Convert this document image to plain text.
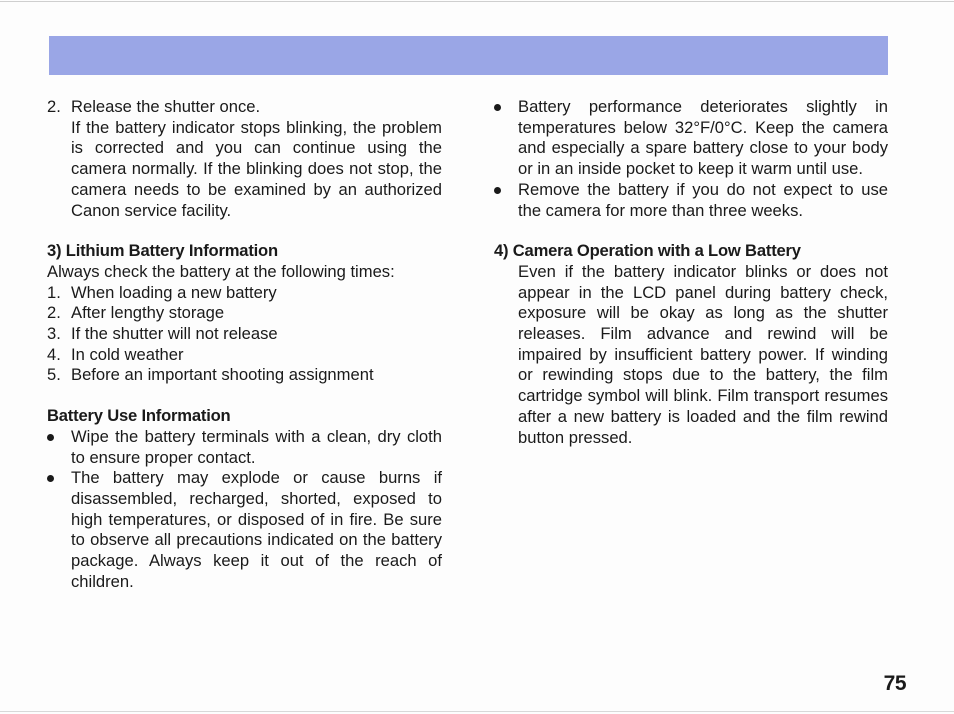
2. Release the shutter once.
If the battery indicator stops blinking, the problem is corrected and you can continue using the camera normally. If the blinking does not stop, the camera needs to be examined by an authorized Canon service facility.
3) Lithium Battery Information
Always check the battery at the following times:
1. When loading a new battery
2. After lengthy storage
3. If the shutter will not release
4. In cold weather
5. Before an important shooting assignment
Battery Use Information
Wipe the battery terminals with a clean, dry cloth to ensure proper contact.
The battery may explode or cause burns if disassembled, recharged, shorted, exposed to high temperatures, or disposed of in fire. Be sure to observe all precautions indicated on the battery package. Always keep it out of the reach of children.
Battery performance deteriorates slightly in temperatures below 32°F/0°C. Keep the camera and especially a spare battery close to your body or in an inside pocket to keep it warm until use.
Remove the battery if you do not expect to use the camera for more than three weeks.
4) Camera Operation with a Low Battery
Even if the battery indicator blinks or does not appear in the LCD panel during battery check, exposure will be okay as long as the shutter releases. Film advance and rewind will be impaired by insufficient battery power. If winding or rewinding stops due to the battery, the film cartridge symbol will blink. Film transport resumes after a new battery is loaded and the film rewind button pressed.
75
